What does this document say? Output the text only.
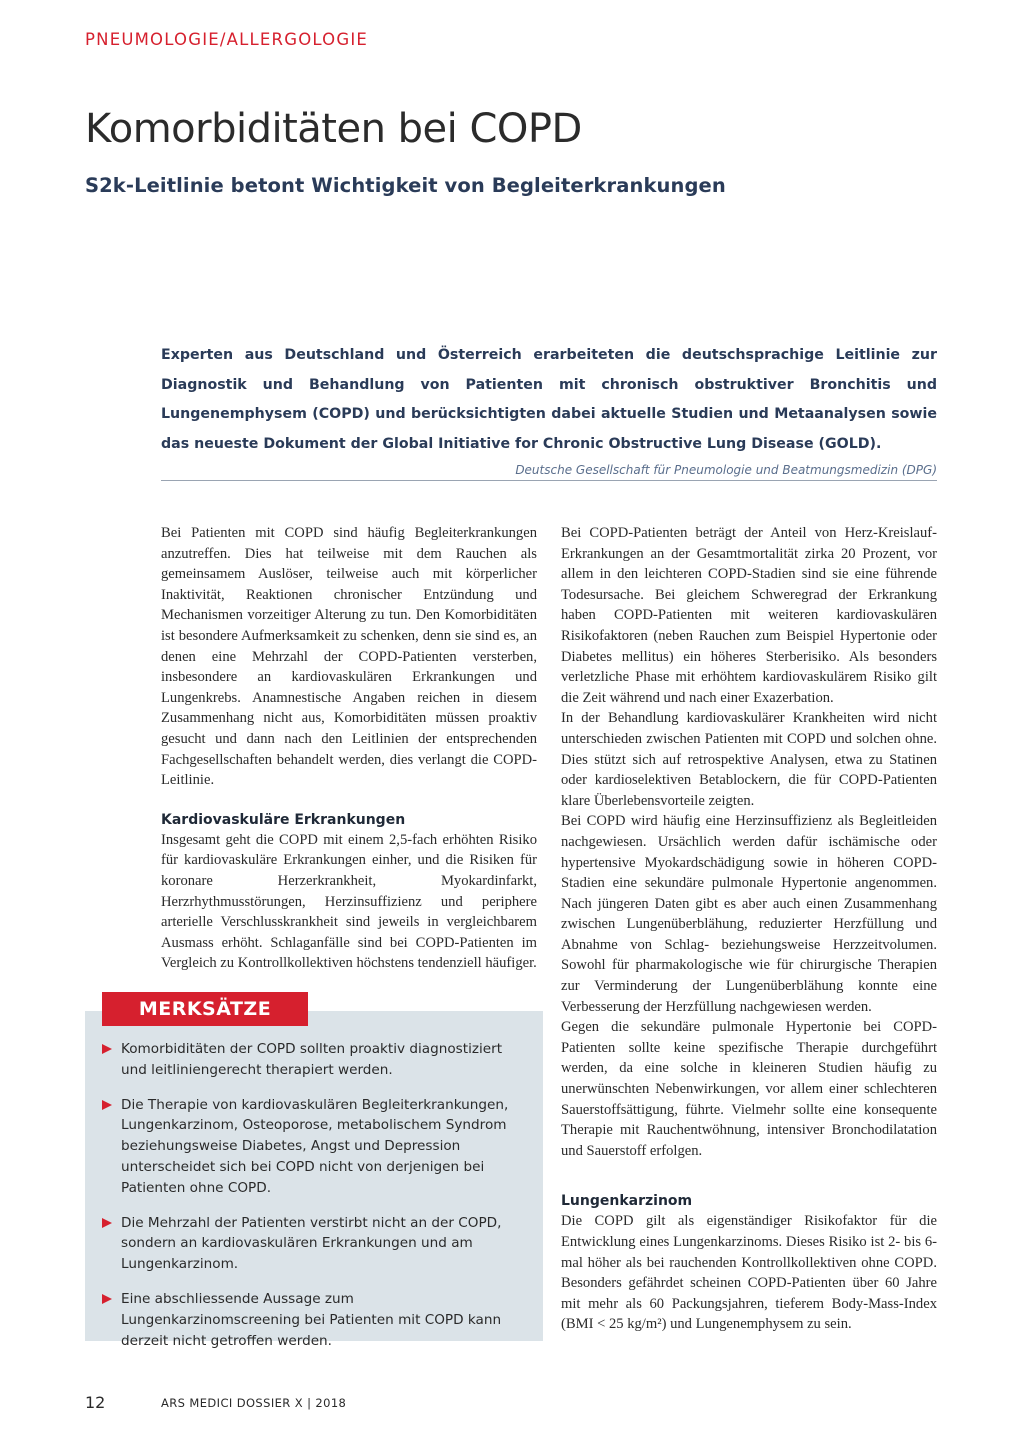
PNEUMOLOGIE/ALLERGOLOGIE
Komorbiditäten bei COPD
S2k-Leitlinie betont Wichtigkeit von Begleiterkrankungen
Experten aus Deutschland und Österreich erarbeiteten die deutschsprachige Leitlinie zur Diagnostik und Behandlung von Patienten mit chronisch obstruktiver Bronchitis und Lungenemphysem (COPD) und berücksichtigten dabei aktuelle Studien und Metaanalysen sowie das neueste Dokument der Global Initiative for Chronic Obstructive Lung Disease (GOLD).
Deutsche Gesellschaft für Pneumologie und Beatmungsmedizin (DPG)

Bei Patienten mit COPD sind häufig Begleiterkrankungen anzutreffen. Dies hat teilweise mit dem Rauchen als gemeinsamem Auslöser, teilweise auch mit körperlicher Inaktivität, Reaktionen chronischer Entzündung und Mechanismen vorzeitiger Alterung zu tun. Den Komorbiditäten ist besondere Aufmerksamkeit zu schenken, denn sie sind es, an denen eine Mehrzahl der COPD-Patienten versterben, insbesondere an kardiovaskulären Erkrankungen und Lungenkrebs. Anamnestische Angaben reichen in diesem Zusammenhang nicht aus, Komorbiditäten müssen proaktiv gesucht und dann nach den Leitlinien der entsprechenden Fachgesellschaften behandelt werden, dies verlangt die COPD-Leitlinie.

Kardiovaskuläre Erkrankungen

Insgesamt geht die COPD mit einem 2,5-fach erhöhten Risiko für kardiovaskuläre Erkrankungen einher, und die Risiken für koronare Herzerkrankheit, Myokardinfarkt, Herzrhythmusstörungen, Herzinsuffizienz und periphere arterielle Verschlusskrankheit sind jeweils in vergleichbarem Ausmass erhöht. Schlaganfälle sind bei COPD-Patienten im Vergleich zu Kontrollkollektiven höchstens tendenziell häufiger.

Komorbiditäten der COPD sollten proaktiv diagnostiziert und leitliniengerecht therapiert werden.
Die Therapie von kardiovaskulären Begleiterkrankungen, Lungenkarzinom, Osteoporose, metabolischem Syndrom beziehungsweise Diabetes, Angst und Depression unterscheidet sich bei COPD nicht von derjenigen bei Patienten ohne COPD.
Die Mehrzahl der Patienten verstirbt nicht an der COPD, sondern an kardiovaskulären Erkrankungen und am Lungenkarzinom.
Eine abschliessende Aussage zum Lungenkarzinomscreening bei Patienten mit COPD kann derzeit nicht getroffen werden.
MERKSÄTZE

Bei COPD-Patienten beträgt der Anteil von Herz-Kreislauf-Erkrankungen an der Gesamtmortalität zirka 20 Prozent, vor allem in den leichteren COPD-Stadien sind sie eine führende Todesursache. Bei gleichem Schweregrad der Erkrankung haben COPD-Patienten mit weiteren kardiovaskulären Risikofaktoren (neben Rauchen zum Beispiel Hypertonie oder Diabetes mellitus) ein höheres Sterberisiko. Als besonders verletzliche Phase mit erhöhtem kardiovaskulärem Risiko gilt die Zeit während und nach einer Exazerbation.

In der Behandlung kardiovaskulärer Krankheiten wird nicht unterschieden zwischen Patienten mit COPD und solchen ohne. Dies stützt sich auf retrospektive Analysen, etwa zu Statinen oder kardioselektiven Betablockern, die für COPD-Patienten klare Überlebensvorteile zeigten.

Bei COPD wird häufig eine Herzinsuffizienz als Begleitleiden nachgewiesen. Ursächlich werden dafür ischämische oder hypertensive Myokardschädigung sowie in höheren COPD-Stadien eine sekundäre pulmonale Hypertonie angenommen. Nach jüngeren Daten gibt es aber auch einen Zusammenhang zwischen Lungenüberblähung, reduzierter Herzfüllung und Abnahme von Schlag- beziehungsweise Herzzeitvolumen. Sowohl für pharmakologische wie für chirurgische Therapien zur Verminderung der Lungenüberblähung konnte eine Verbesserung der Herzfüllung nachgewiesen werden.

Gegen die sekundäre pulmonale Hypertonie bei COPD-Patienten sollte keine spezifische Therapie durchgeführt werden, da eine solche in kleineren Studien häufig zu unerwünschten Nebenwirkungen, vor allem einer schlechteren Sauerstoffsättigung, führte. Vielmehr sollte eine konsequente Therapie mit Rauchentwöhnung, intensiver Bronchodilatation und Sauerstoff erfolgen.

Lungenkarzinom

Die COPD gilt als eigenständiger Risikofaktor für die Entwicklung eines Lungenkarzinoms. Dieses Risiko ist 2- bis 6-mal höher als bei rauchenden Kontrollkollektiven ohne COPD. Besonders gefährdet scheinen COPD-Patienten über 60 Jahre mit mehr als 60 Packungsjahren, tieferem Body-Mass-Index (BMI < 25 kg/m²) und Lungenemphysem zu sein.

12	ARS MEDICI DOSSIER X | 2018
